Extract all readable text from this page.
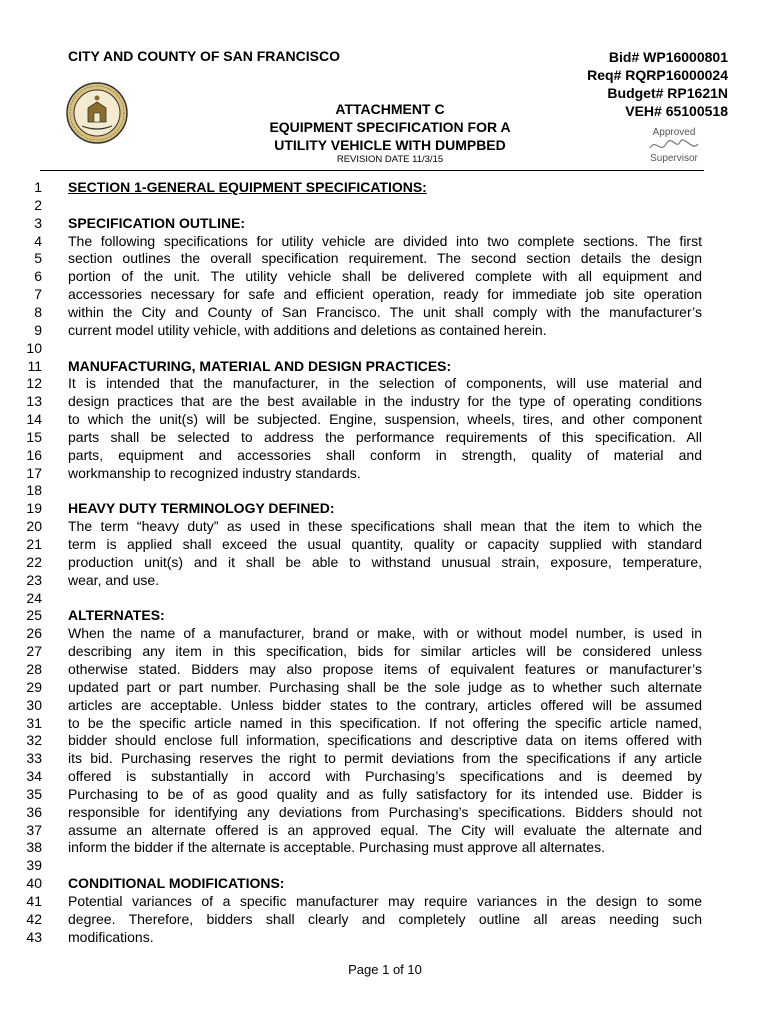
CITY AND COUNTY OF SAN FRANCISCO	Bid# WP16000801
Req# RQRP16000024
Budget# RP1621N
VEH# 65100518
ATTACHMENT C
EQUIPMENT SPECIFICATION FOR A
UTILITY VEHICLE WITH DUMPBED
REVISION DATE 11/3/15
Approved
Supervisor
1 SECTION 1-GENERAL EQUIPMENT SPECIFICATIONS:
2
3 SPECIFICATION OUTLINE:
4 The following specifications for utility vehicle are divided into two complete sections. The first
5 section outlines the overall specification requirement. The second section details the design
6 portion of the unit. The utility vehicle shall be delivered complete with all equipment and
7 accessories necessary for safe and efficient operation, ready for immediate job site operation
8 within the City and County of San Francisco. The unit shall comply with the manufacturer’s
9 current model utility vehicle, with additions and deletions as contained herein.
10
11 MANUFACTURING, MATERIAL AND DESIGN PRACTICES:
12 It is intended that the manufacturer, in the selection of components, will use material and
13 design practices that are the best available in the industry for the type of operating conditions
14 to which the unit(s) will be subjected. Engine, suspension, wheels, tires, and other component
15 parts shall be selected to address the performance requirements of this specification. All
16 parts, equipment and accessories shall conform in strength, quality of material and
17 workmanship to recognized industry standards.
18
19 HEAVY DUTY TERMINOLOGY DEFINED:
20 The term “heavy duty” as used in these specifications shall mean that the item to which the
21 term is applied shall exceed the usual quantity, quality or capacity supplied with standard
22 production unit(s) and it shall be able to withstand unusual strain, exposure, temperature,
23 wear, and use.
24
25 ALTERNATES:
26 When the name of a manufacturer, brand or make, with or without model number, is used in
27 describing any item in this specification, bids for similar articles will be considered unless
28 otherwise stated. Bidders may also propose items of equivalent features or manufacturer’s
29 updated part or part number. Purchasing shall be the sole judge as to whether such alternate
30 articles are acceptable. Unless bidder states to the contrary, articles offered will be assumed
31 to be the specific article named in this specification. If not offering the specific article named,
32 bidder should enclose full information, specifications and descriptive data on items offered with
33 its bid. Purchasing reserves the right to permit deviations from the specifications if any article
34 offered is substantially in accord with Purchasing’s specifications and is deemed by
35 Purchasing to be of as good quality and as fully satisfactory for its intended use. Bidder is
36 responsible for identifying any deviations from Purchasing’s specifications. Bidders should not
37 assume an alternate offered is an approved equal. The City will evaluate the alternate and
38 inform the bidder if the alternate is acceptable. Purchasing must approve all alternates.
39
40 CONDITIONAL MODIFICATIONS:
41 Potential variances of a specific manufacturer may require variances in the design to some
42 degree. Therefore, bidders shall clearly and completely outline all areas needing such
43 modifications.
Page 1 of 10
